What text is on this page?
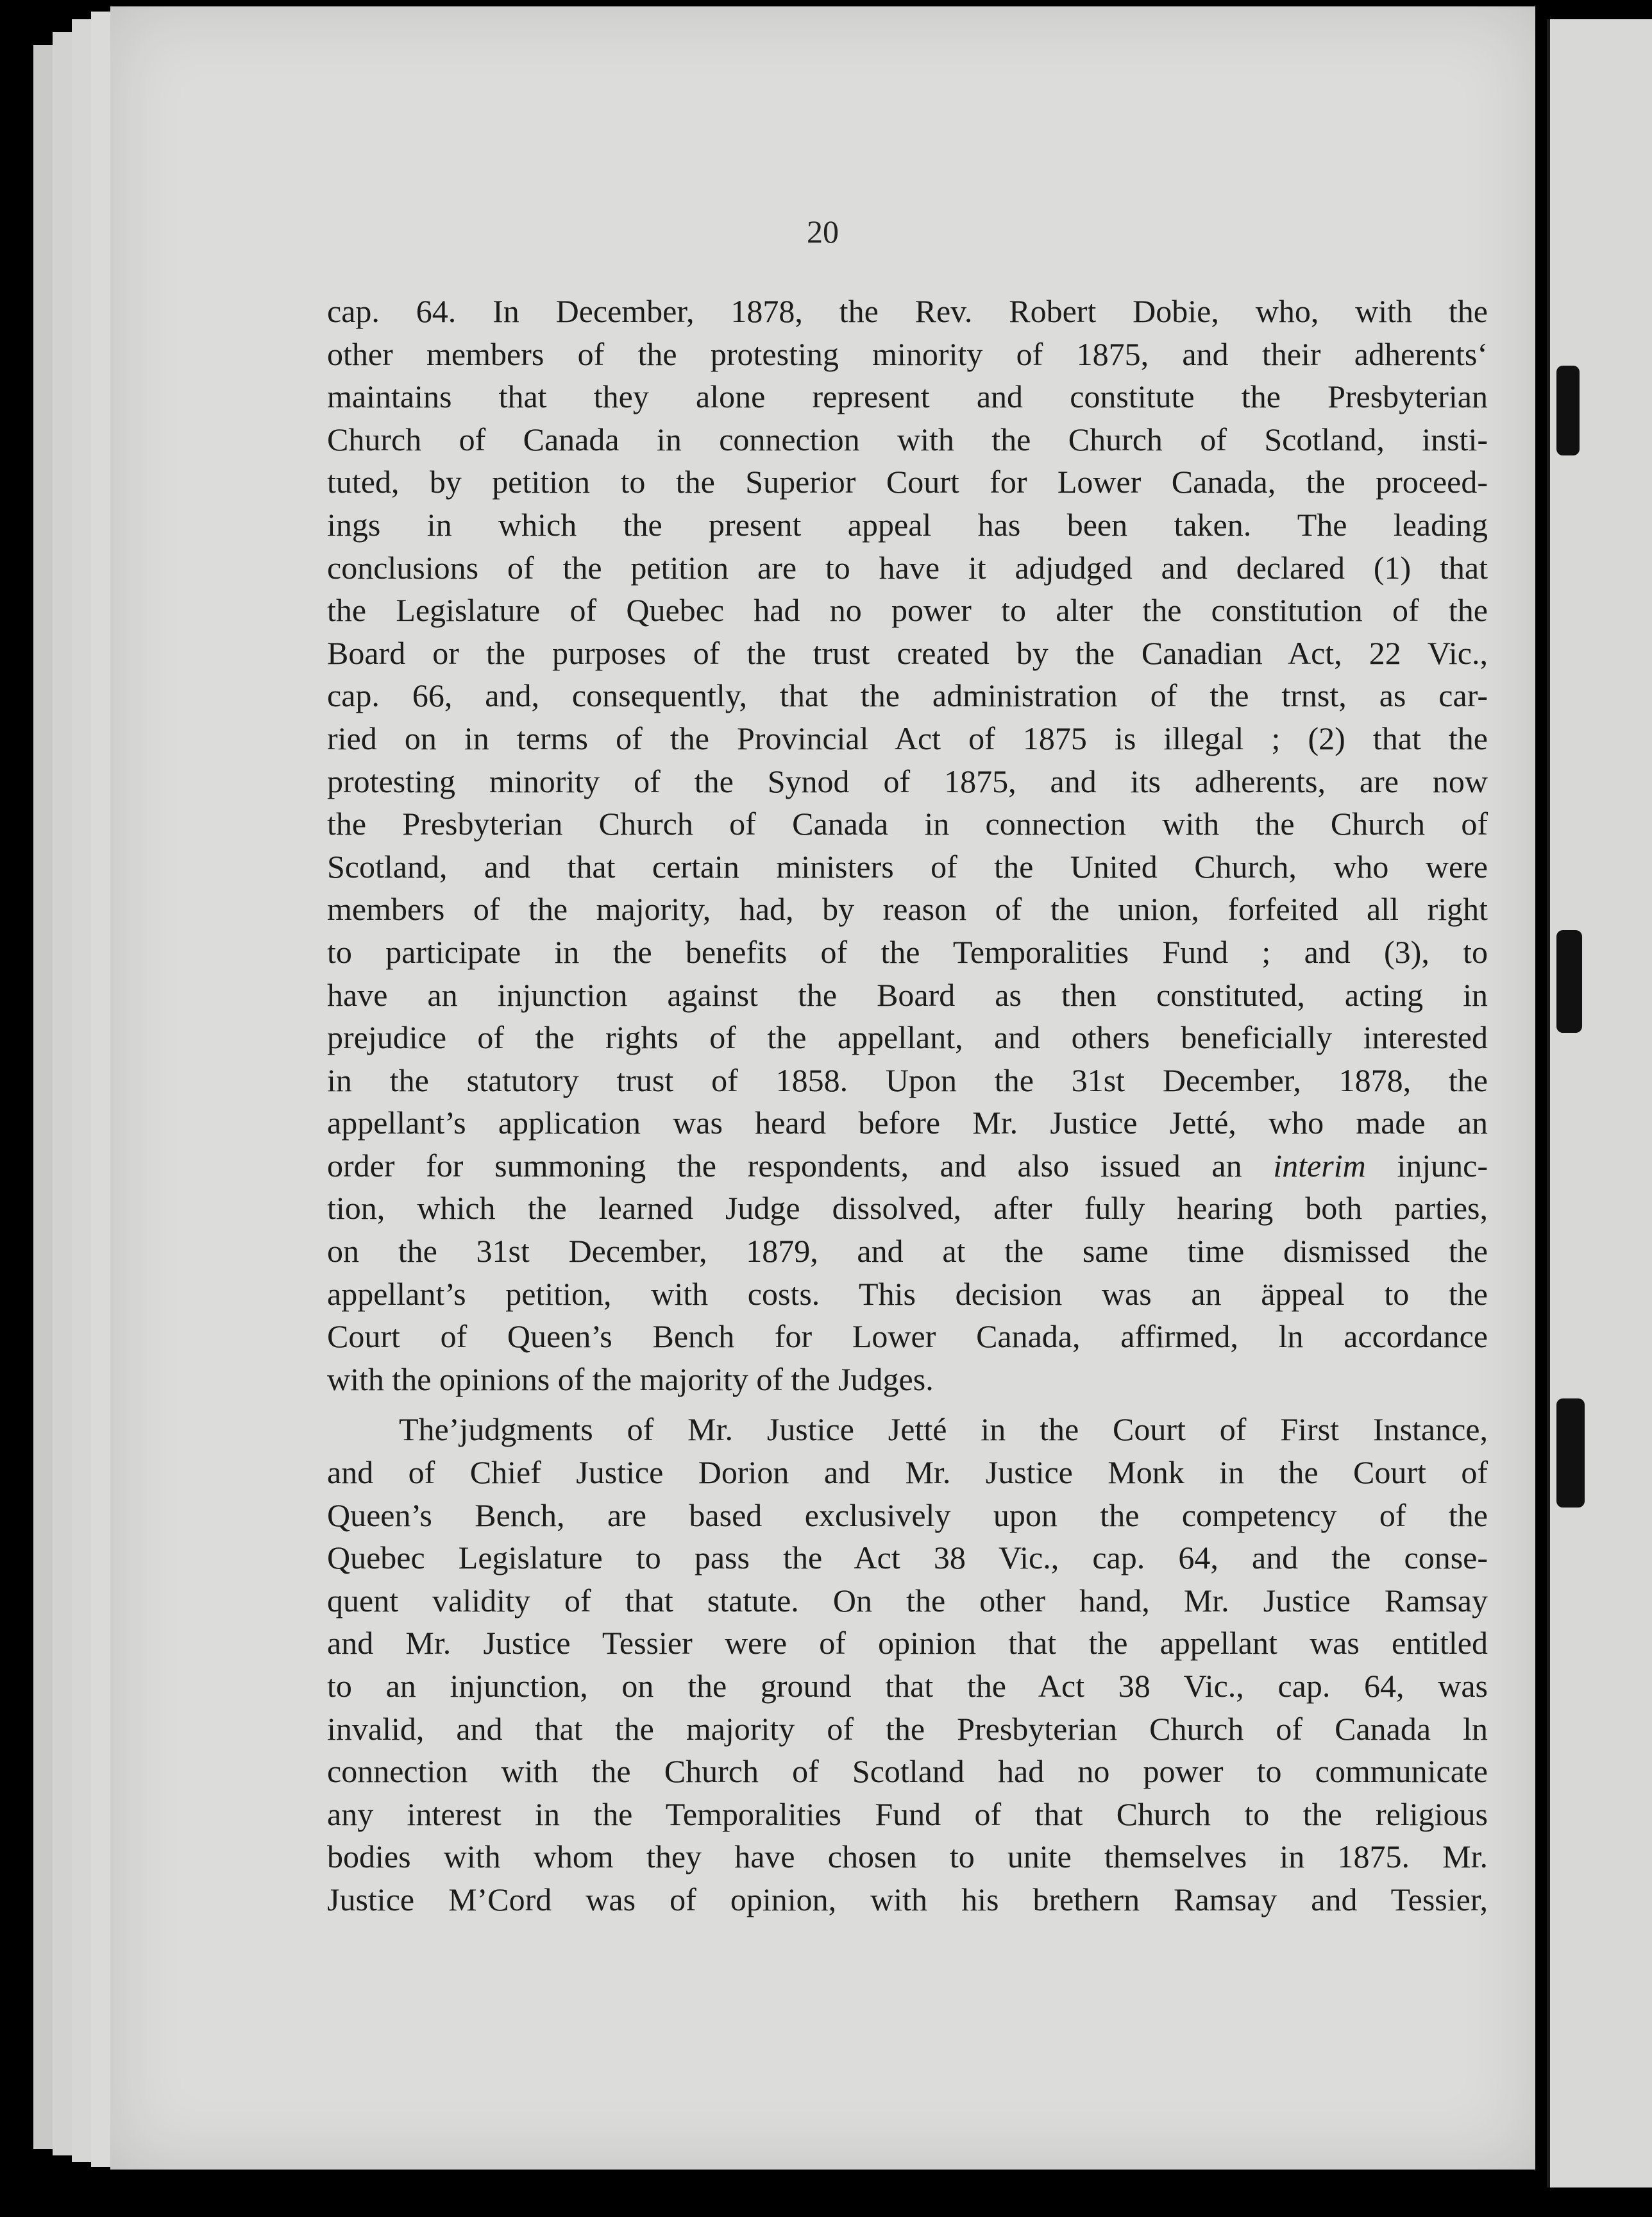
20
cap. 64. In December, 1878, the Rev. Robert Dobie, who, with the
other members of the protesting minority of 1875, and their adherents‘
maintains that they alone represent and constitute the Presbyterian
Church of Canada in connection with the Church of Scotland, insti-
tuted, by petition to the Superior Court for Lower Canada, the proceed-
ings in which the present appeal has been taken. The leading
conclusions of the petition are to have it adjudged and declared (1) that
the Legislature of Quebec had no power to alter the constitution of the
Board or the purposes of the trust created by the Canadian Act, 22 Vic.,
cap. 66, and, consequently, that the administration of the trnst, as car-
ried on in terms of the Provincial Act of 1875 is illegal ; (2) that the
protesting minority of the Synod of 1875, and its adherents, are now
the Presbyterian Church of Canada in connection with the Church of
Scotland, and that certain ministers of the United Church, who were
members of the majority, had, by reason of the union, forfeited all right
to participate in the benefits of the Temporalities Fund ; and (3), to
have an injunction against the Board as then constituted, acting in
prejudice of the rights of the appellant, and others beneficially interested
in the statutory trust of 1858. Upon the 31st December, 1878, the
appellant’s application was heard before Mr. Justice Jetté, who made an
order for summoning the respondents, and also issued an interim injunc-
tion, which the learned Judge dissolved, after fully hearing both parties,
on the 31st December, 1879, and at the same time dismissed the
appellant’s petition, with costs. This decision was an äppeal to the
Court of Queen’s Bench for Lower Canada, affirmed, ln accordance
with the opinions of the majority of the Judges.
The’judgments of Mr. Justice Jetté in the Court of First Instance,
and of Chief Justice Dorion and Mr. Justice Monk in the Court of
Queen’s Bench, are based exclusively upon the competency of the
Quebec Legislature to pass the Act 38 Vic., cap. 64, and the conse-
quent validity of that statute. On the other hand, Mr. Justice Ramsay
and Mr. Justice Tessier were of opinion that the appellant was entitled
to an injunction, on the ground that the Act 38 Vic., cap. 64, was
invalid, and that the majority of the Presbyterian Church of Canada ln
connection with the Church of Scotland had no power to communicate
any interest in the Temporalities Fund of that Church to the religious
bodies with whom they have chosen to unite themselves in 1875. Mr.
Justice M’Cord was of opinion, with his brethern Ramsay and Tessier,
